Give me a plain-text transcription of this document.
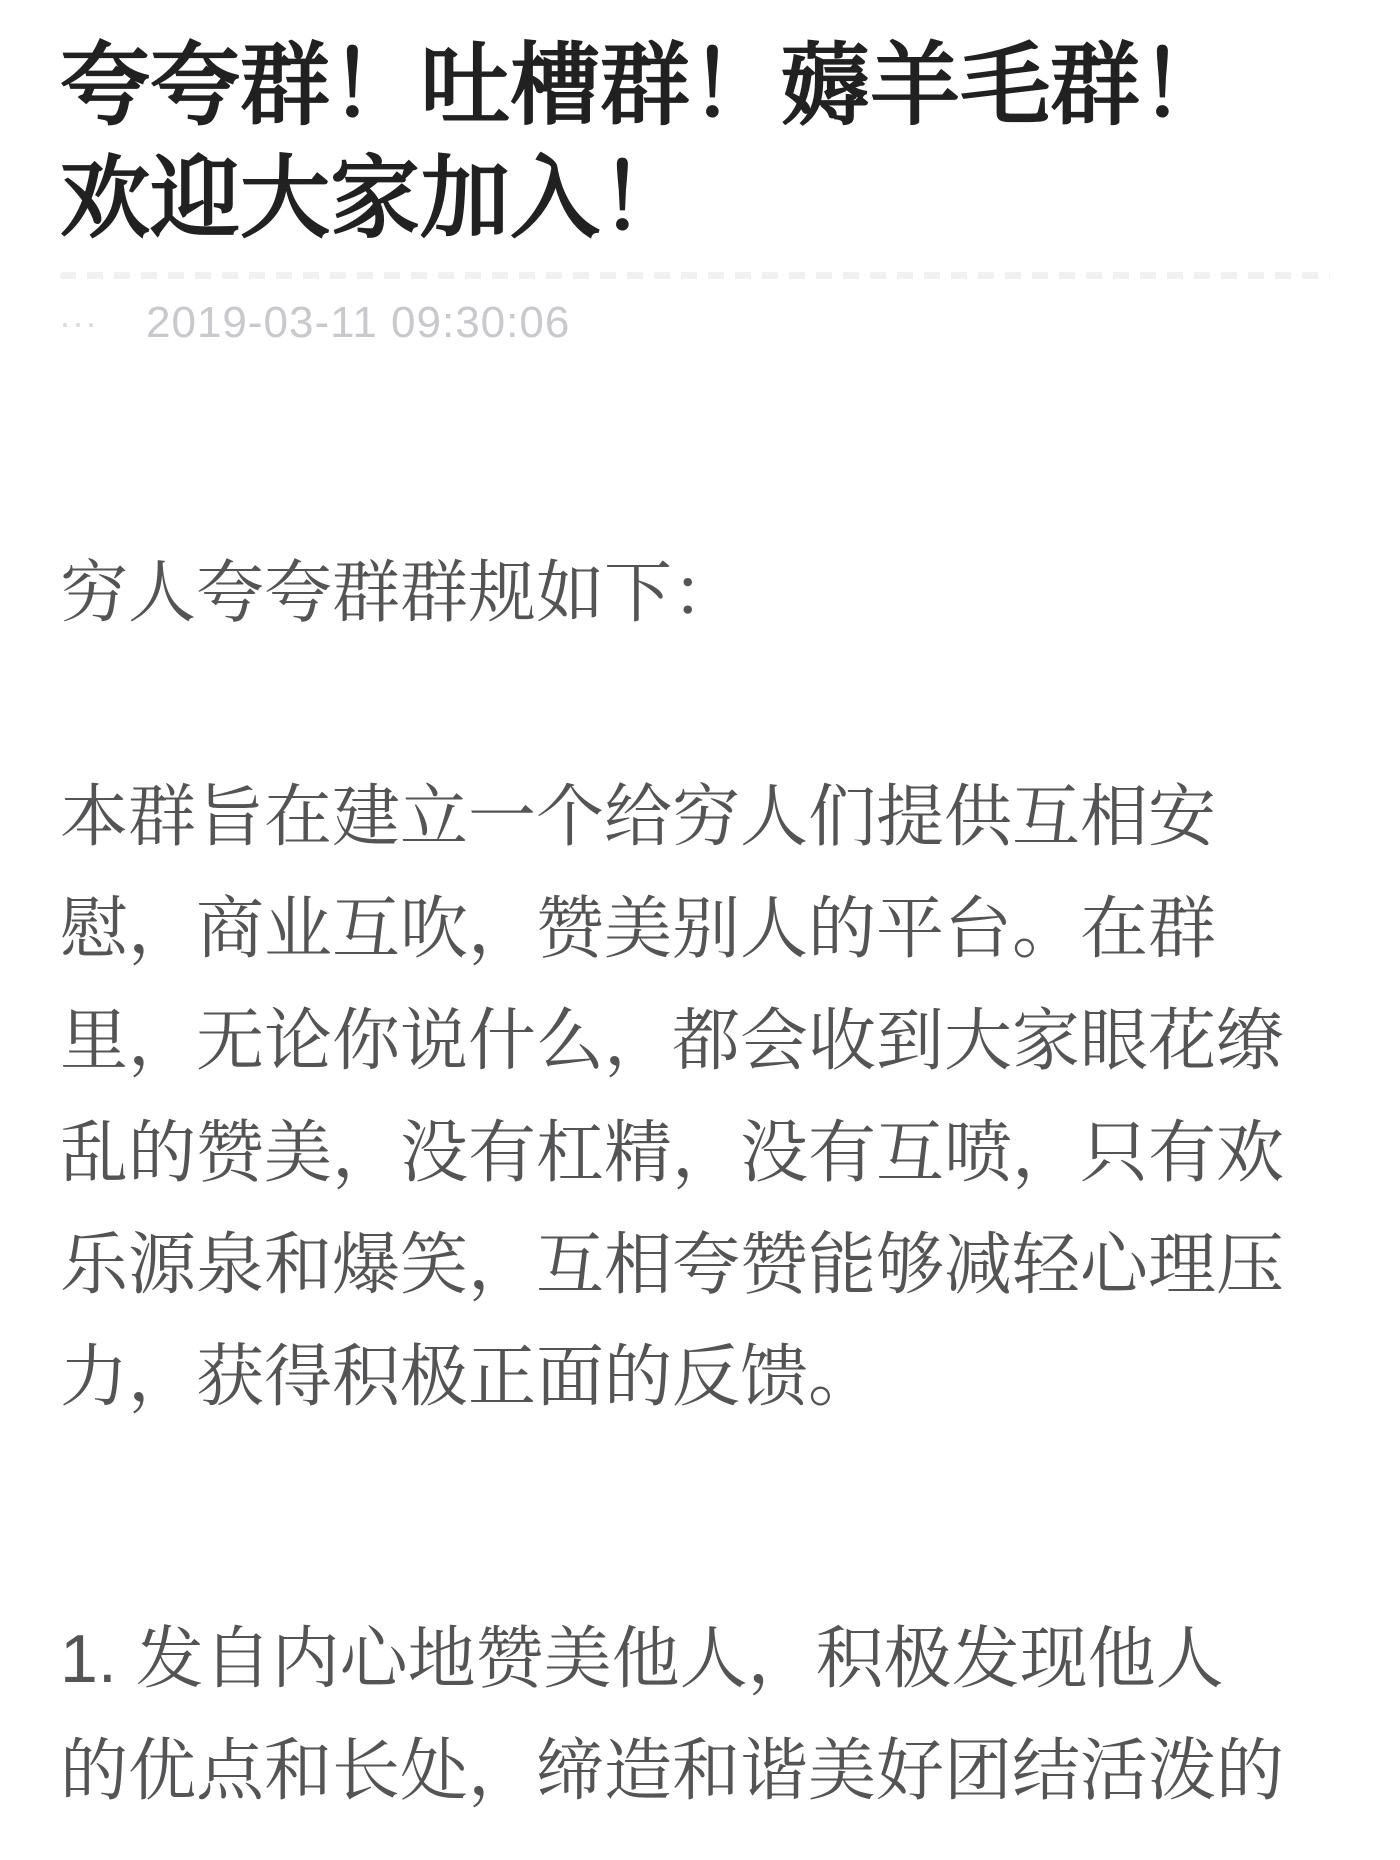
夸夸群！吐槽群！薅羊毛群！欢迎大家加入！
...	2019-03-11 09:30:06

穷人夸夸群群规如下：

本群旨在建立一个给穷人们提供互相安慰，商业互吹，赞美别人的平台。在群里，无论你说什么，都会收到大家眼花缭乱的赞美，没有杠精，没有互喷，只有欢乐源泉和爆笑，互相夸赞能够减轻心理压力，获得积极正面的反馈。

1. 发自内心地赞美他人，积极发现他人的优点和长处，缔造和谐美好团结活泼的
